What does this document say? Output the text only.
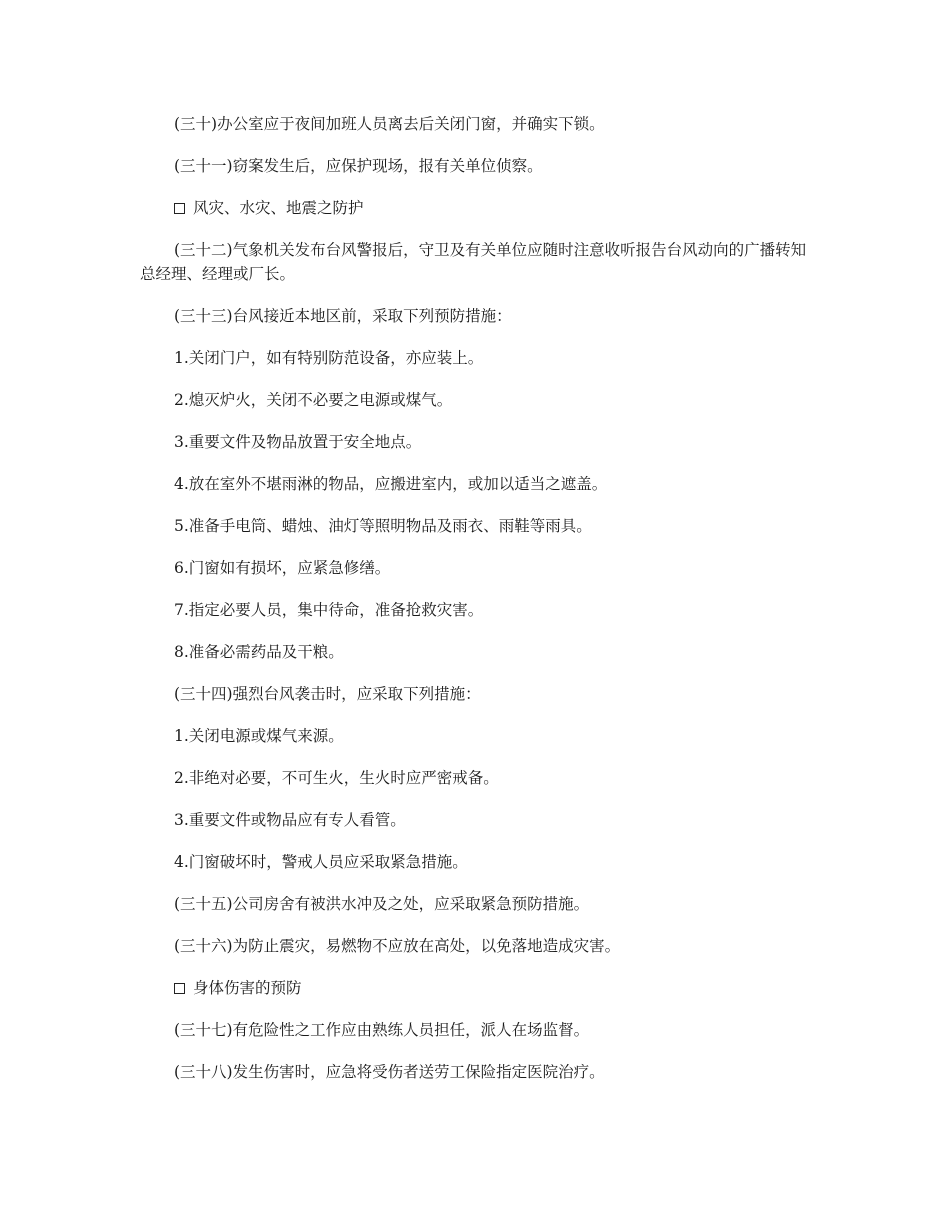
(三十)办公室应于夜间加班人员离去后关闭门窗，并确实下锁。

(三十一)窃案发生后，应保护现场，报有关单位侦察。

风灾、水灾、地震之防护

(三十二)气象机关发布台风警报后，守卫及有关单位应随时注意收听报告台风动向的广播转知总经理、经理或厂长。

(三十三)台风接近本地区前，采取下列预防措施：

1.关闭门户，如有特别防范设备，亦应装上。

2.熄灭炉火，关闭不必要之电源或煤气。

3.重要文件及物品放置于安全地点。

4.放在室外不堪雨淋的物品，应搬进室内，或加以适当之遮盖。

5.准备手电筒、蜡烛、油灯等照明物品及雨衣、雨鞋等雨具。

6.门窗如有损坏，应紧急修缮。

7.指定必要人员，集中待命，准备抢救灾害。

8.准备必需药品及干粮。

(三十四)强烈台风袭击时，应采取下列措施：

1.关闭电源或煤气来源。

2.非绝对必要，不可生火，生火时应严密戒备。

3.重要文件或物品应有专人看管。

4.门窗破坏时，警戒人员应采取紧急措施。

(三十五)公司房舍有被洪水冲及之处，应采取紧急预防措施。

(三十六)为防止震灾，易燃物不应放在高处，以免落地造成灾害。

身体伤害的预防

(三十七)有危险性之工作应由熟练人员担任，派人在场监督。

(三十八)发生伤害时，应急将受伤者送劳工保险指定医院治疗。
